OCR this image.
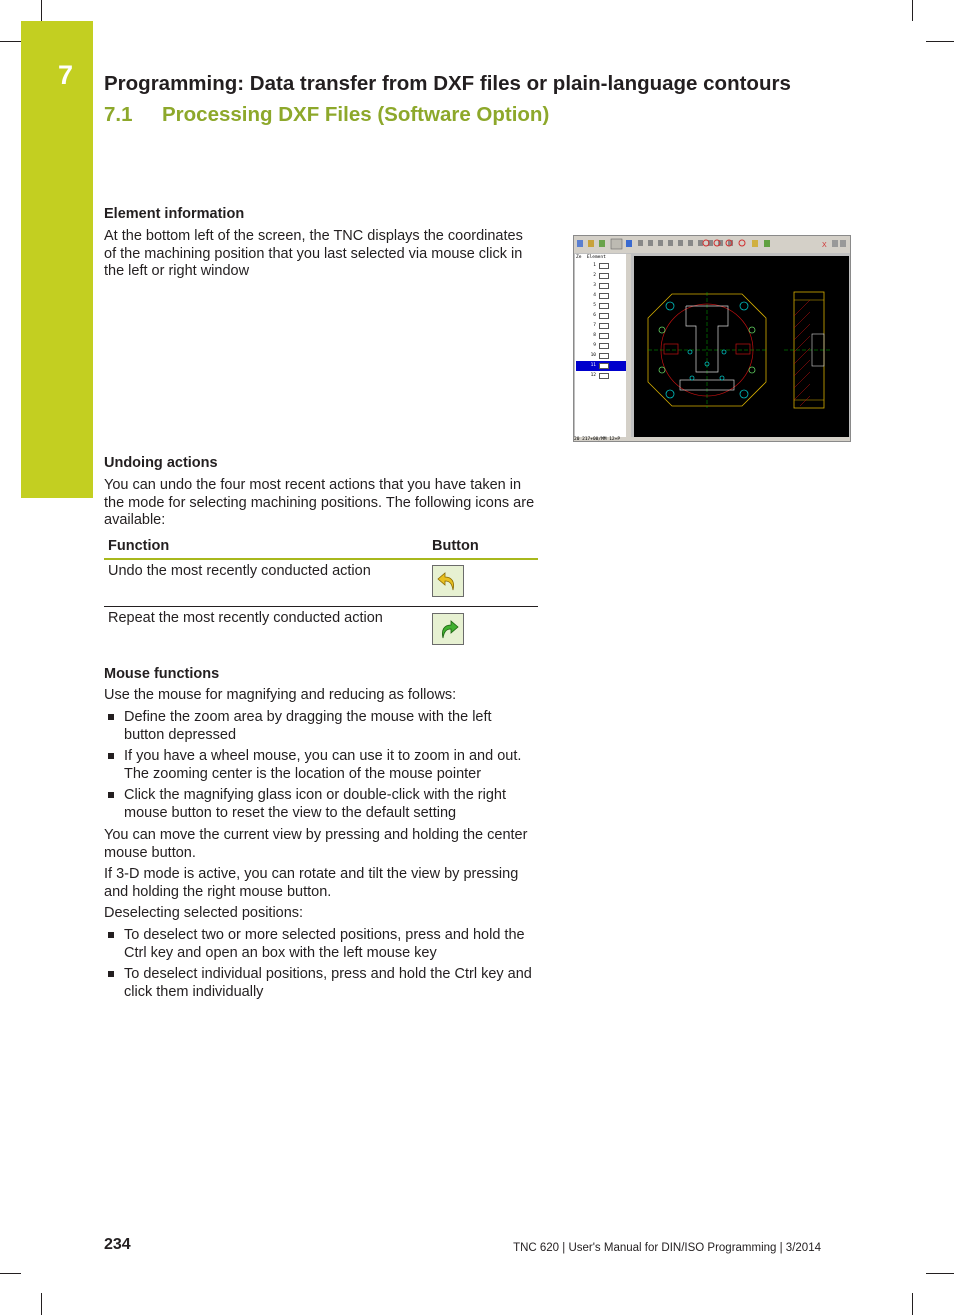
7 Programming: Data transfer from DXF files or plain-language contours
7.1 Processing DXF Files (Software Option)
Element information
At the bottom left of the screen, the TNC displays the coordinates
of the machining position that you last selected via mouse click in
the left or right window
X
Ze Element
1
2
3
4
5
6
7
8
9
10
11
12
20 217+00/MM 12+P
Undoing actions
You can undo the four most recent actions that you have taken in
the mode for selecting machining positions. The following icons are
available:
Function	Button
Undo the most recently conducted action
Repeat the most recently conducted action
Mouse functions
Use the mouse for magnifying and reducing as follows:
Define the zoom area by dragging the mouse with the left
button depressed
If you have a wheel mouse, you can use it to zoom in and out.
The zooming center is the location of the mouse pointer
Click the magnifying glass icon or double-click with the right
mouse button to reset the view to the default setting
You can move the current view by pressing and holding the center
mouse button.
If 3-D mode is active, you can rotate and tilt the view by pressing
and holding the right mouse button.
Deselecting selected positions:
To deselect two or more selected positions, press and hold the
Ctrl key and open an box with the left mouse key
To deselect individual positions, press and hold the Ctrl key and
click them individually
234	TNC 620 | User's Manual for DIN/ISO Programming | 3/2014
